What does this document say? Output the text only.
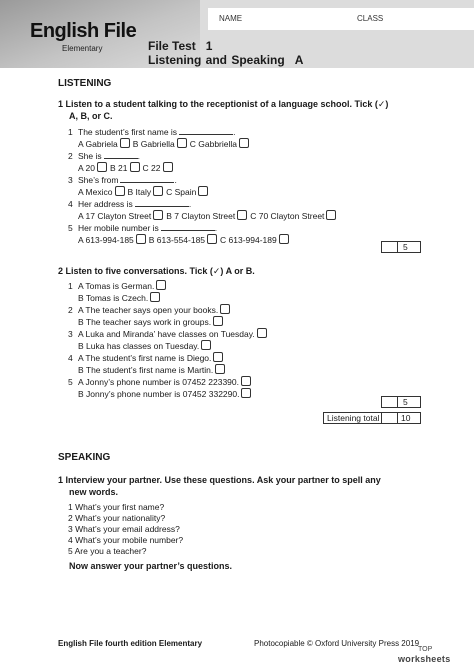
English File
Elementary
NAME	CLASS
File Test   1
Listening and Speaking A
LISTENING
1 Listen to a student talking to the receptionist of a language school. Tick (✓)
A, B, or C.
1 The student’s first name is	.
A Gabriela B Gabriella C Gabbriella
2 She is	.
A 20 B 21 C 22
3 She’s from	.
A Mexico B Italy C Spain
4 Her address is	.
A 17 Clayton Street B 7 Clayton Street C 70 Clayton Street
5 Her mobile number is	.
A 613-994-185 B 613-554-185 C 613-994-189
5
2 Listen to five conversations. Tick (✓) A or B.
1 A Tomas is German.
B Tomas is Czech.
2 A The teacher says open your books.
B The teacher says work in groups.
3 A Luka and Miranda’ have classes on Tuesday.
B Luka has classes on Tuesday.
4 A The student’s first name is Diego.
B The student’s first name is Martin.
5 A Jonny’s phone number is 07452 223390.
B Jonny’s phone number is 07452 332290.
5
Listening total	10
SPEAKING
1 Interview your partner. Use these questions. Ask your partner to spell any
new words.
1 What’s your first name?
2 What’s your nationality?
3 What’s your email address?
4 What’s your mobile number?
5 Are you a teacher?
Now answer your partner’s questions.
English File fourth edition Elementary	Photocopiable © Oxford University Press 2019
TOP
worksheets
